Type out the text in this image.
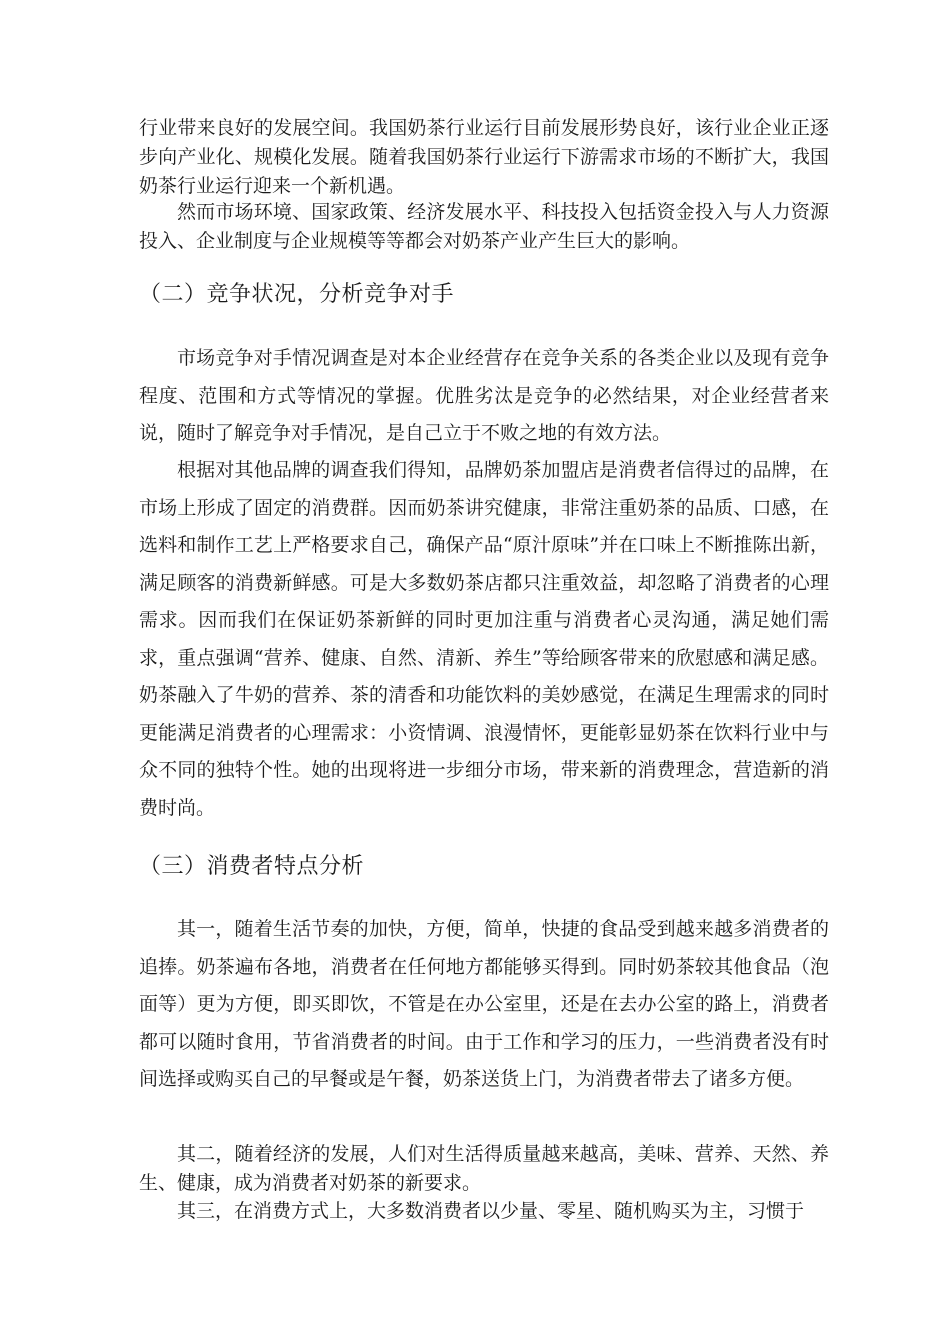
行业带来良好的发展空间。我国奶茶行业运行目前发展形势良好，该行业企业正逐步向产业化、规模化发展。随着我国奶茶行业运行下游需求市场的不断扩大，我国奶茶行业运行迎来一个新机遇。

然而市场环境、国家政策、经济发展水平、科技投入包括资金投入与人力资源投入、企业制度与企业规模等等都会对奶茶产业产生巨大的影响。

（二）竞争状况，分析竞争对手

市场竞争对手情况调查是对本企业经营存在竞争关系的各类企业以及现有竞争程度、范围和方式等情况的掌握。优胜劣汰是竞争的必然结果，对企业经营者来说，随时了解竞争对手情况，是自己立于不败之地的有效方法。

根据对其他品牌的调查我们得知，品牌奶茶加盟店是消费者信得过的品牌，在市场上形成了固定的消费群。因而奶茶讲究健康，非常注重奶茶的品质、口感，在选料和制作工艺上严格要求自己，确保产品“原汁原味”并在口味上不断推陈出新，满足顾客的消费新鲜感。可是大多数奶茶店都只注重效益，却忽略了消费者的心理需求。因而我们在保证奶茶新鲜的同时更加注重与消费者心灵沟通，满足她们需求，重点强调“营养、健康、自然、清新、养生”等给顾客带来的欣慰感和满足感。奶茶融入了牛奶的营养、茶的清香和功能饮料的美妙感觉，在满足生理需求的同时更能满足消费者的心理需求：小资情调、浪漫情怀，更能彰显奶茶在饮料行业中与众不同的独特个性。她的出现将进一步细分市场，带来新的消费理念，营造新的消费时尚。

（三）消费者特点分析

其一，随着生活节奏的加快，方便，简单，快捷的食品受到越来越多消费者的追捧。奶茶遍布各地，消费者在任何地方都能够买得到。同时奶茶较其他食品（泡面等）更为方便，即买即饮，不管是在办公室里，还是在去办公室的路上，消费者都可以随时食用，节省消费者的时间。由于工作和学习的压力，一些消费者没有时间选择或购买自己的早餐或是午餐，奶茶送货上门，为消费者带去了诸多方便。

其二，随着经济的发展，人们对生活得质量越来越高，美味、营养、天然、养生、健康，成为消费者对奶茶的新要求。

其三，在消费方式上，大多数消费者以少量、零星、随机购买为主，习惯于
